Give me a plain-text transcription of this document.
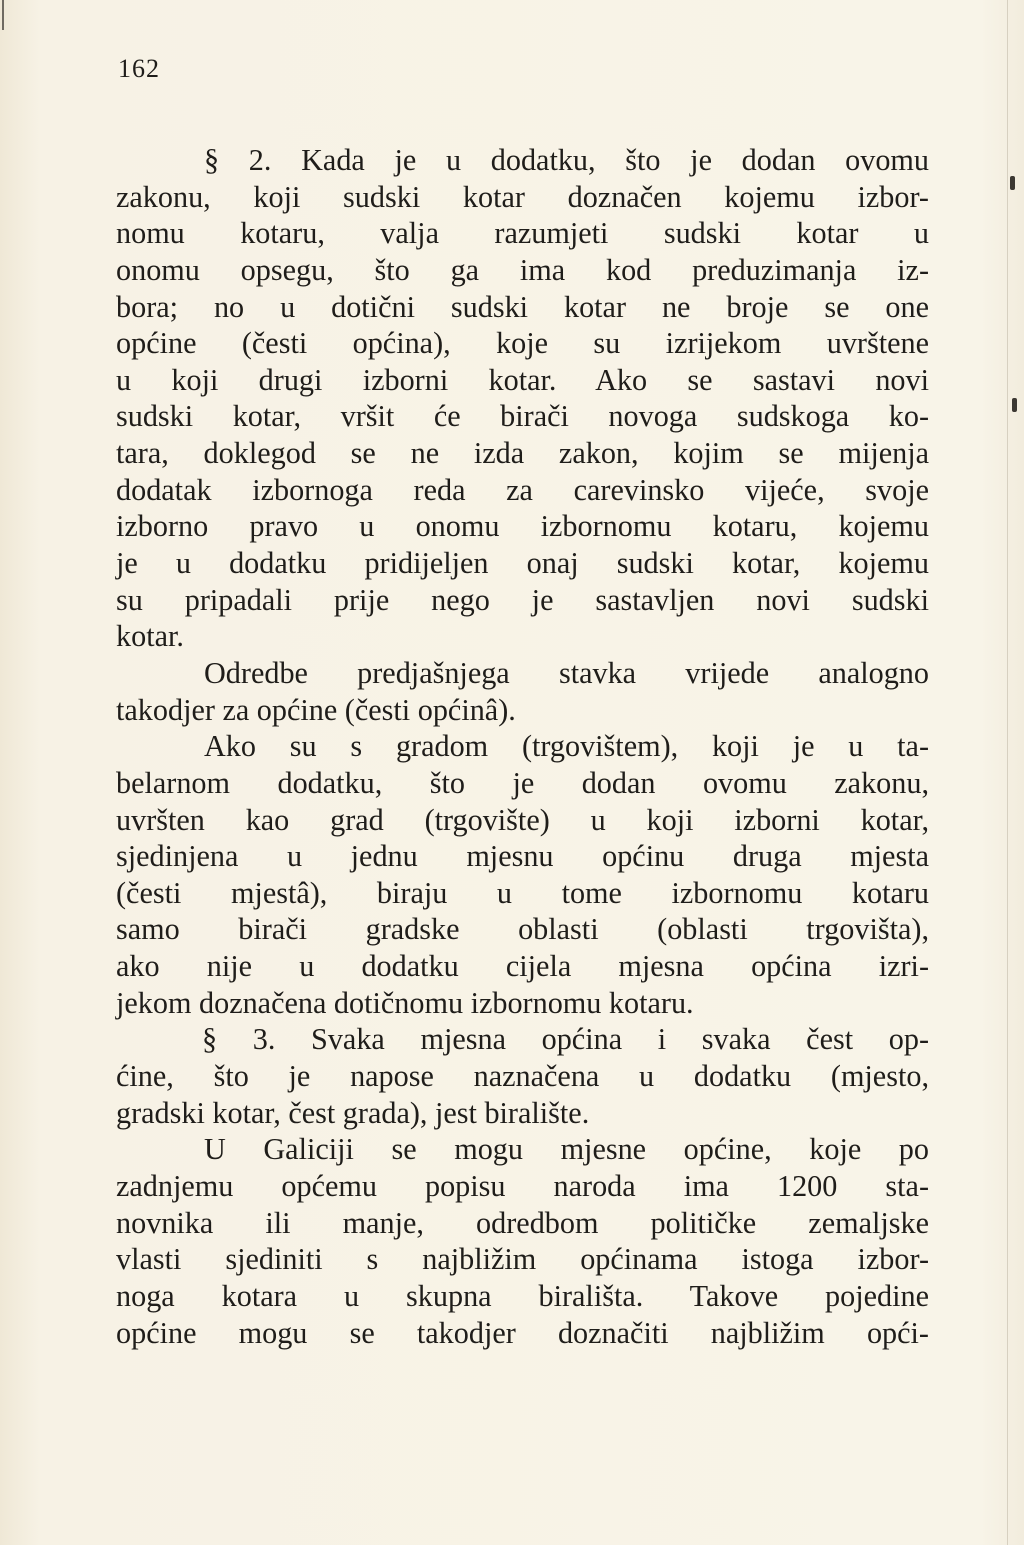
162
§ 2. Kada je u dodatku, što je dodan ovomu
zakonu, koji sudski kotar doznačen kojemu izbor-
nomu kotaru, valja razumjeti sudski kotar u
onomu opsegu, što ga ima kod preduzimanja iz-
bora; no u dotični sudski kotar ne broje se one
općine (česti općina), koje su izrijekom uvrštene
u koji drugi izborni kotar. Ako se sastavi novi
sudski kotar, vršit će birači novoga sudskoga ko-
tara, doklegod se ne izda zakon, kojim se mijenja
dodatak izbornoga reda za carevinsko vijeće, svoje
izborno pravo u onomu izbornomu kotaru, kojemu
je u dodatku pridijeljen onaj sudski kotar, kojemu
su pripadali prije nego je sastavljen novi sudski
kotar.
Odredbe predjašnjega stavka vrijede analogno
takodjer za općine (česti općinâ).
Ako su s gradom (trgovištem), koji je u ta-
belarnom dodatku, što je dodan ovomu zakonu,
uvršten kao grad (trgovište) u koji izborni kotar,
sjedinjena u jednu mjesnu općinu druga mjesta
(česti mjestâ), biraju u tome izbornomu kotaru
samo birači gradske oblasti (oblasti trgovišta),
ako nije u dodatku cijela mjesna općina izri-
jekom doznačena dotičnomu izbornomu kotaru.
§ 3. Svaka mjesna općina i svaka čest op-
ćine, što je naposе naznačena u dodatku (mjesto,
gradski kotar, čest grada), jest biralište.
U Galiciji se mogu mjesne općine, koje po
zadnjemu općemu popisu naroda ima 1200 sta-
novnika ili manje, odredbom političke zemaljske
vlasti sjediniti s najbližim općinama istoga izbor-
noga kotara u skupna birališta. Takove pojedine
općine mogu se takodjer doznačiti najbližim opći-
